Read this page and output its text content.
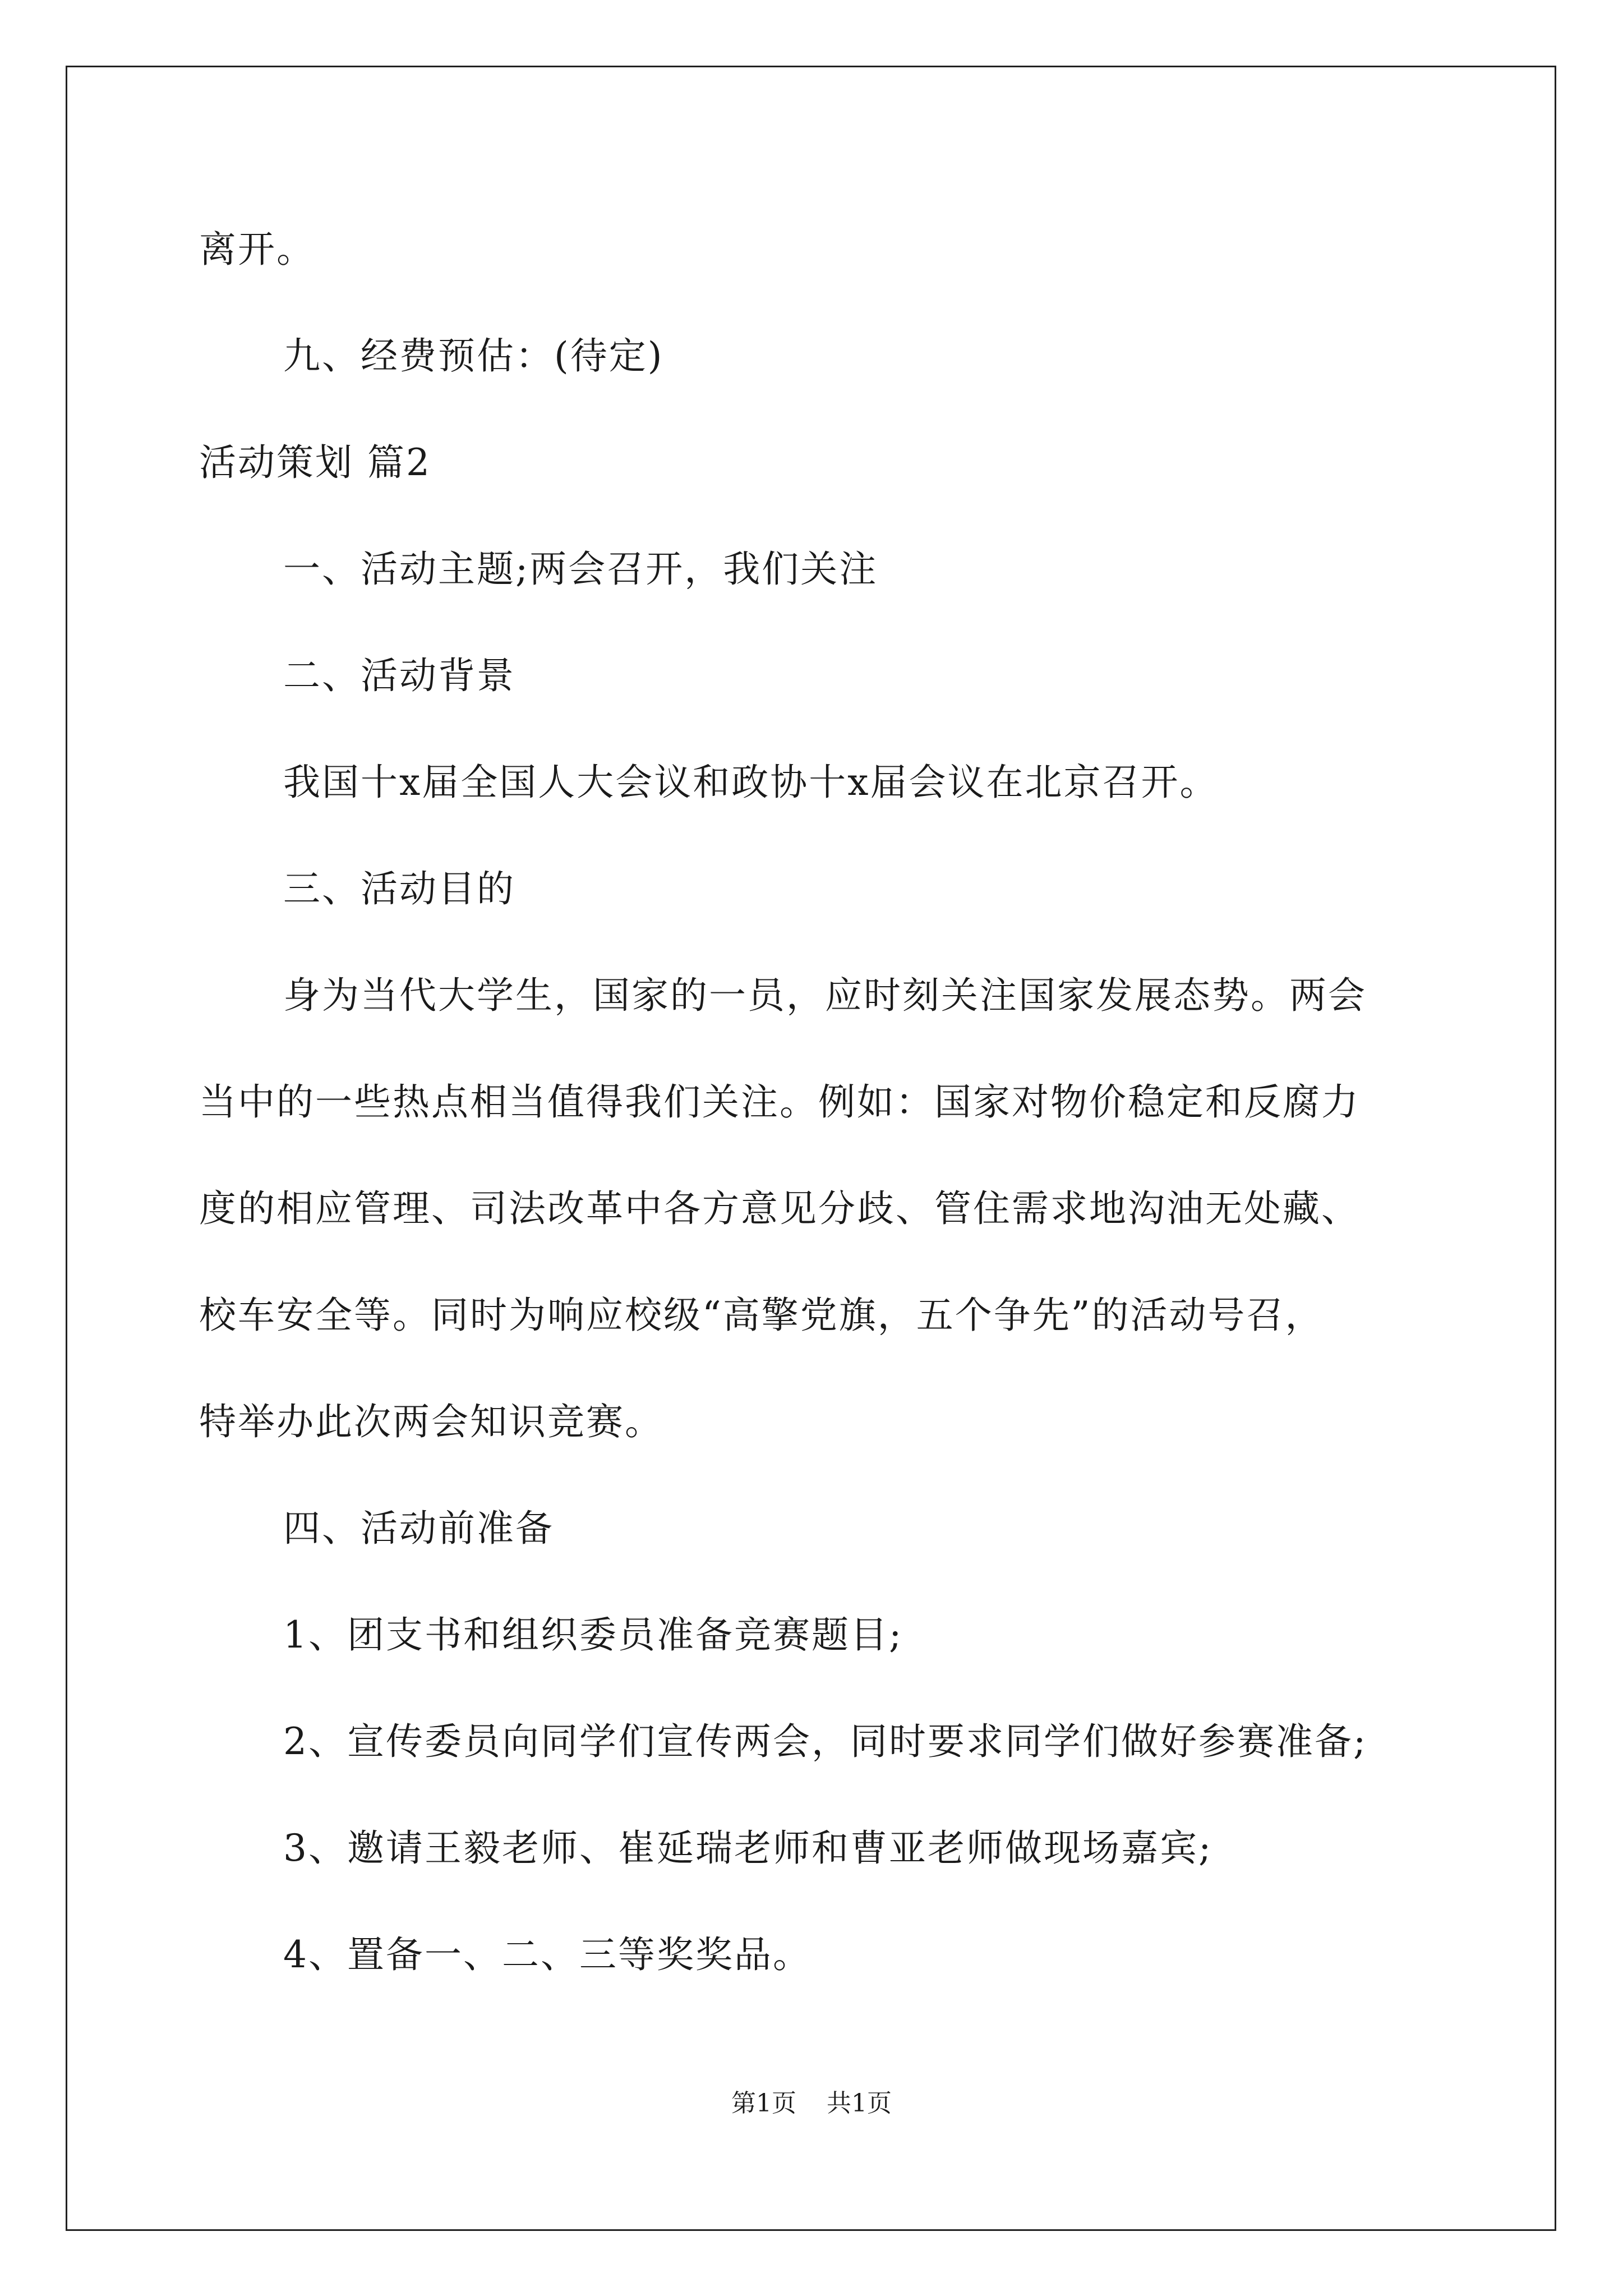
离开。
九、经费预估：(待定)
活动策划 篇2
一、活动主题;两会召开，我们关注
二、活动背景
我国十x届全国人大会议和政协十x届会议在北京召开。
三、活动目的
身为当代大学生，国家的一员，应时刻关注国家发展态势。两会
当中的一些热点相当值得我们关注。例如：国家对物价稳定和反腐力
度的相应管理、司法改革中各方意见分歧、管住需求地沟油无处藏、
校车安全等。同时为响应校级“高擎党旗，五个争先”的活动号召，
特举办此次两会知识竞赛。
四、活动前准备
1、团支书和组织委员准备竞赛题目;
2、宣传委员向同学们宣传两会，同时要求同学们做好参赛准备;
3、邀请王毅老师、崔延瑞老师和曹亚老师做现场嘉宾;
4、置备一、二、三等奖奖品。
第1页 共1页
